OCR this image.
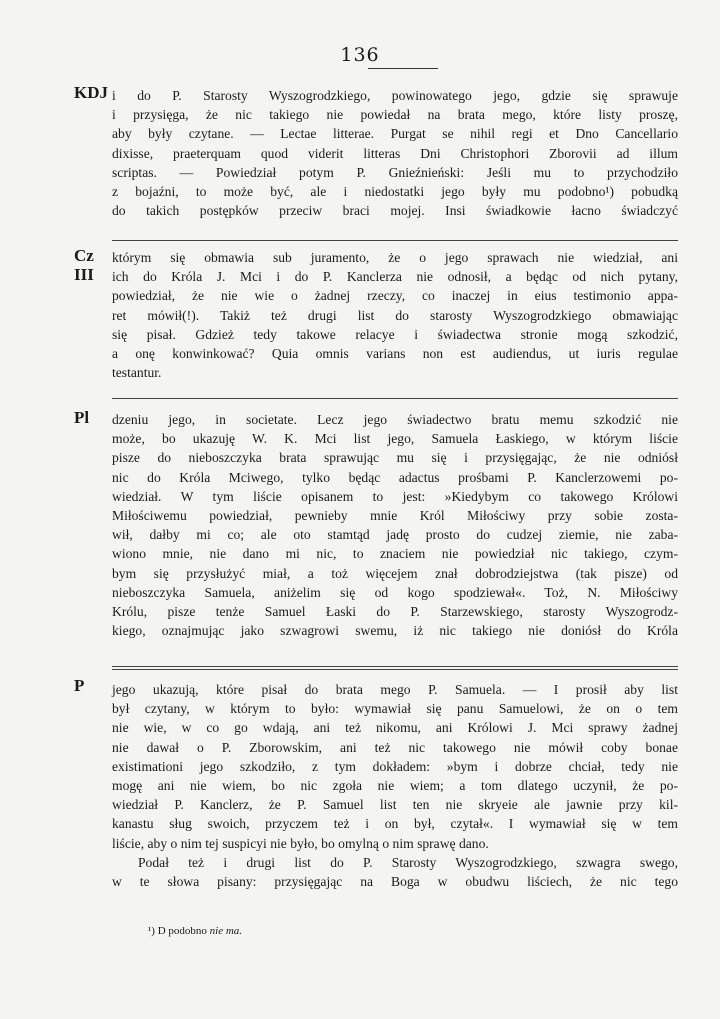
136
KDJ i do P. Starosty Wyszogrodzkiego, powinowatego jego, gdzie się sprawuje
i przysięga, że nic takiego nie powiedał na brata mego, które listy proszę,
aby były czytane. — Lectae litterae. Purgat se nihil regi et Dno Cancellario
dixisse, praeterquam quod viderit litteras Dni Christophori Zborovii ad illum
scriptas. — Powiedział potym P. Gnieźnieński: Jeśli mu to przychodziło
z bojaźni, to może być, ale i niedostatki jego były mu podobno¹) pobudką
do takich postępków przeciw braci mojej. Insi świadkowie łacno świadczyć
Cz
III
którym się obmawia sub juramento, że o jego sprawach nie wiedział, ani
ich do Króla J. Mci i do P. Kanclerza nie odnosił, a będąc od nich pytany,
powiedział, że nie wie o żadnej rzeczy, co inaczej in eius testimonio appa-
ret mówił(!). Takiż też drugi list do starosty Wyszogrodzkiego obmawiając
się pisał. Gdzież tedy takowe relacye i świadectwa stronie mogą szkodzić,
a onę konwinkować? Quia omnis varians non est audiendus, ut iuris regulae
testantur.
Pl dzeniu jego, in societate. Lecz jego świadectwo bratu memu szkodzić nie
może, bo ukazuję W. K. Mci list jego, Samuela Łaskiego, w którym liście
pisze do nieboszczyka brata sprawując mu się i przysięgając, że nie odniósł
nic do Króla Mciwego, tylko będąc adactus prośbami P. Kanclerzowemi po-
wiedział. W tym liście opisanem to jest: »Kiedybym co takowego Królowi
Miłościwemu powiedział, pewnieby mnie Król Miłościwy przy sobie zosta-
wił, dałby mi co; ale oto stamtąd jadę prosto do cudzej ziemie, nie zaba-
wiono mnie, nie dano mi nic, to znaciem nie powiedział nic takiego, czym-
bym się przysłużyć miał, a toż więcejem znał dobrodziejstwa (tak pisze) od
nieboszczyka Samuela, aniżelim się od kogo spodziewał«. Toż, N. Miłościwy
Królu, pisze tenże Samuel Łaski do P. Starzewskiego, starosty Wyszogrodz-
kiego, oznajmując jako szwagrowi swemu, iż nic takiego nie doniósł do Króla
P jego ukazują, które pisał do brata mego P. Samuela. — I prosił aby list
był czytany, w którym to było: wymawiał się panu Samuelowi, że on o tem
nie wie, w co go wdają, ani też nikomu, ani Królowi J. Mci sprawy żadnej
nie dawał o P. Zborowskim, ani też nic takowego nie mówił coby bonae
existimationi jego szkodziło, z tym dokładem: »bym i dobrze chciał, tedy nie
mogę ani nie wiem, bo nic zgoła nie wiem; a tom dlatego uczynił, że po-
wiedział P. Kanclerz, że P. Samuel list ten nie skryeie ale jawnie przy kil-
kanastu sług swoich, przyczem też i on był, czytał«. I wymawiał się w tem
liście, aby o nim tej suspicyi nie było, bo omylną o nim sprawę dano.
Podał też i drugi list do P. Starosty Wyszogrodzkiego, szwagra swego,
w te słowa pisany: przysięgając na Boga w obudwu liściech, że nic tego
¹) D podobno nie ma.
